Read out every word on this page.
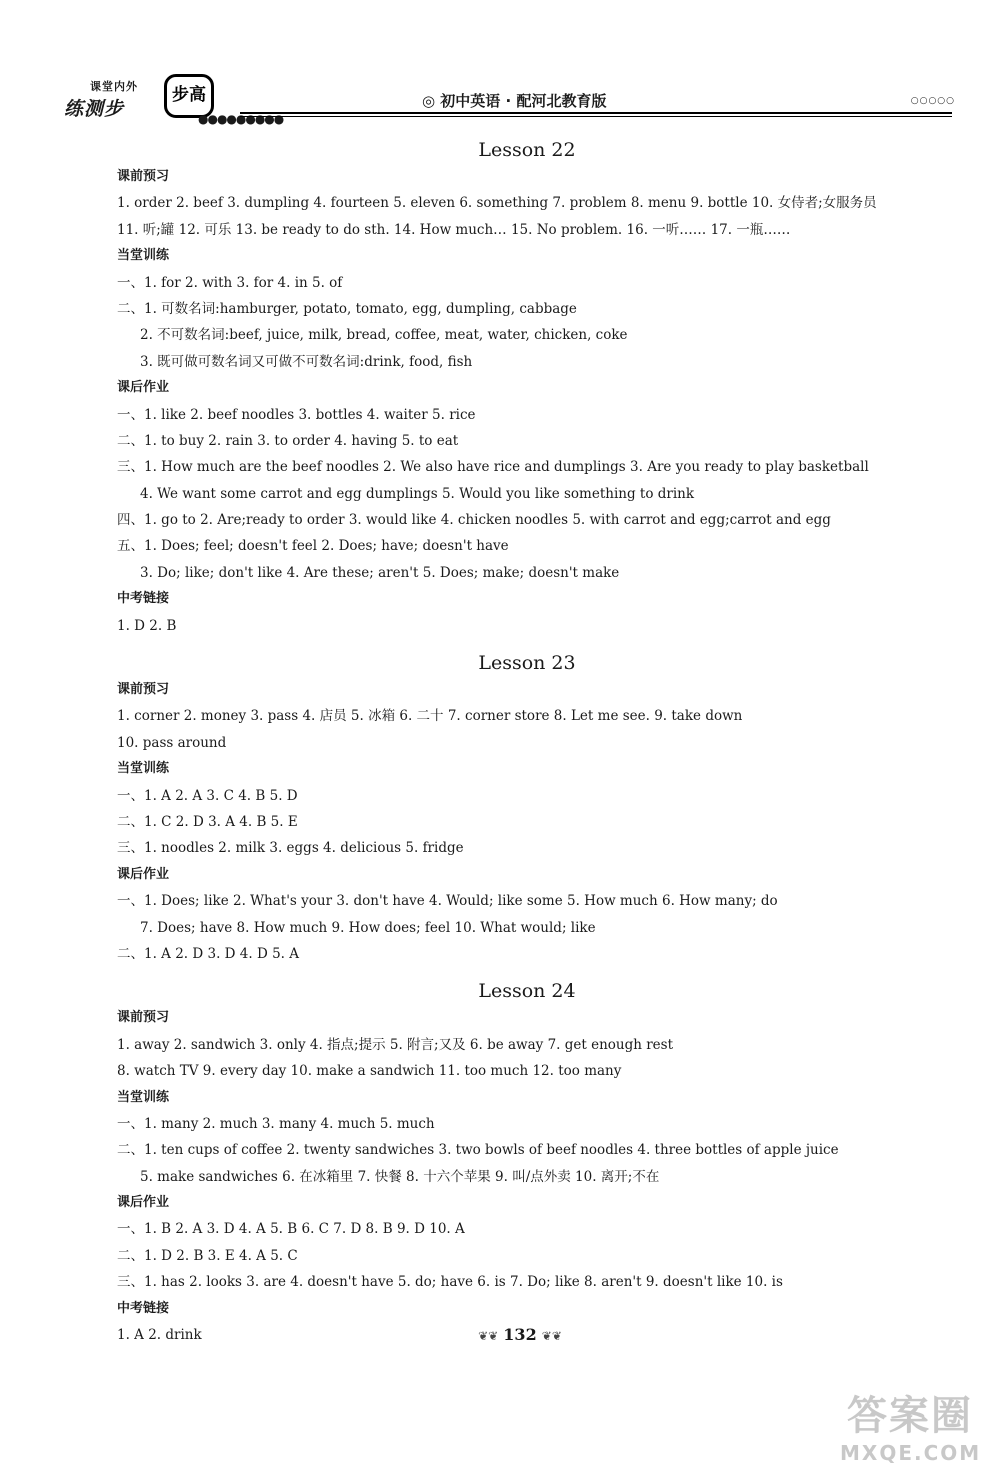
课堂内外
练测步
步高
●●●●●●●●●
◎ 初中英语 · 配河北教育版	○○○○○
Lesson 22
课前预习
1. order 2. beef 3. dumpling 4. fourteen 5. eleven 6. something 7. problem 8. menu 9. bottle 10. 女侍者;女服务员
11. 听;罐 12. 可乐 13. be ready to do sth. 14. How much… 15. No problem. 16. 一听…… 17. 一瓶……
当堂训练
一、1. for 2. with 3. for 4. in 5. of
二、1. 可数名词:hamburger, potato, tomato, egg, dumpling, cabbage
2. 不可数名词:beef, juice, milk, bread, coffee, meat, water, chicken, coke
3. 既可做可数名词又可做不可数名词:drink, food, fish
课后作业
一、1. like 2. beef noodles 3. bottles 4. waiter 5. rice
二、1. to buy 2. rain 3. to order 4. having 5. to eat
三、1. How much are the beef noodles 2. We also have rice and dumplings 3. Are you ready to play basketball
4. We want some carrot and egg dumplings 5. Would you like something to drink
四、1. go to 2. Are;ready to order 3. would like 4. chicken noodles 5. with carrot and egg;carrot and egg
五、1. Does; feel; doesn't feel 2. Does; have; doesn't have
3. Do; like; don't like 4. Are these; aren't 5. Does; make; doesn't make
中考链接
1. D 2. B
Lesson 23
课前预习
1. corner 2. money 3. pass 4. 店员 5. 冰箱 6. 二十 7. corner store 8. Let me see. 9. take down
10. pass around
当堂训练
一、1. A 2. A 3. C 4. B 5. D
二、1. C 2. D 3. A 4. B 5. E
三、1. noodles 2. milk 3. eggs 4. delicious 5. fridge
课后作业
一、1. Does; like 2. What's your 3. don't have 4. Would; like some 5. How much 6. How many; do
7. Does; have 8. How much 9. How does; feel 10. What would; like
二、1. A 2. D 3. D 4. D 5. A
Lesson 24
课前预习
1. away 2. sandwich 3. only 4. 指点;提示 5. 附言;又及 6. be away 7. get enough rest
8. watch TV 9. every day 10. make a sandwich 11. too much 12. too many
当堂训练
一、1. many 2. much 3. many 4. much 5. much
二、1. ten cups of coffee 2. twenty sandwiches 3. two bowls of beef noodles 4. three bottles of apple juice
5. make sandwiches 6. 在冰箱里 7. 快餐 8. 十六个苹果 9. 叫/点外卖 10. 离开;不在
课后作业
一、1. B 2. A 3. D 4. A 5. B 6. C 7. D 8. B 9. D 10. A
二、1. D 2. B 3. E 4. A 5. C
三、1. has 2. looks 3. are 4. doesn't have 5. do; have 6. is 7. Do; like 8. aren't 9. doesn't like 10. is
中考链接
1. A 2. drink	❦❦ 132 ❦❦
答案圈
MXQE.COM
